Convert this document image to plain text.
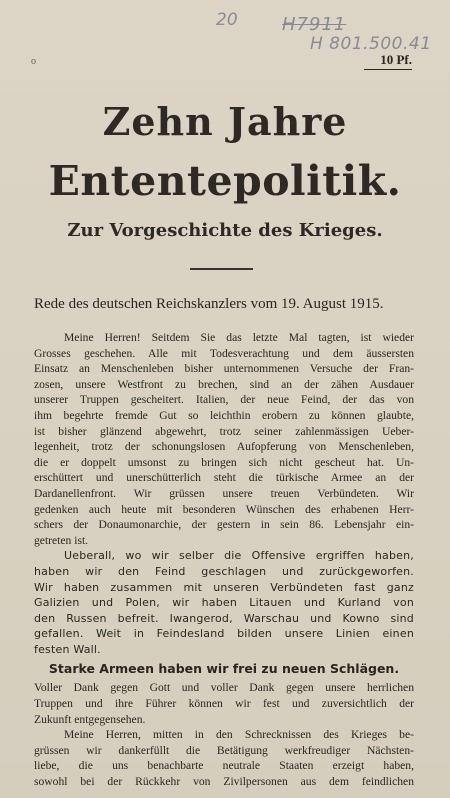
20 H7911
H 801.500.41
10 Pf.
o
Zehn Jahre
Ententepolitik.
Zur Vorgeschichte des Krieges.
Rede des deutschen Reichskanzlers vom 19. August 1915.
Meine Herren! Seitdem Sie das letzte Mal tagten, ist wieder
Grosses geschehen. Alle mit Todesverachtung und dem äussersten
Einsatz an Menschenleben bisher unternommenen Versuche der Fran-
zosen, unsere Westfront zu brechen, sind an der zähen Ausdauer
unserer Truppen gescheitert. Italien, der neue Feind, der das von
ihm begehrte fremde Gut so leichthin erobern zu können glaubte,
ist bisher glänzend abgewehrt, trotz seiner zahlenmässigen Ueber-
legenheit, trotz der schonungslosen Aufopferung von Menschenleben,
die er doppelt umsonst zu bringen sich nicht gescheut hat. Un-
erschüttert und unerschütterlich steht die türkische Armee an der
Dardanellenfront. Wir grüssen unsere treuen Verbündeten. Wir
gedenken auch heute mit besonderen Wünschen des erhabenen Herr-
schers der Donaumonarchie, der gestern in sein 86. Lebensjahr ein-
getreten ist.
Ueberall, wo wir selber die Offensive ergriffen haben,
haben wir den Feind geschlagen und zurückgeworfen.
Wir haben zusammen mit unseren Verbündeten fast ganz
Galizien und Polen, wir haben Litauen und Kurland von
den Russen befreit. Iwangerod, Warschau und Kowno sind
gefallen. Weit in Feindesland bilden unsere Linien einen
festen Wall.
Starke Armeen haben wir frei zu neuen Schlägen.
Voller Dank gegen Gott und voller Dank gegen unsere herrlichen
Truppen und ihre Führer können wir fest und zuversichtlich der
Zukunft entgegensehen.
Meine Herren, mitten in den Schrecknissen des Krieges be-
grüssen wir dankerfüllt die Betätigung werkfreudiger Nächsten-
liebe, die uns benachbarte neutrale Staaten erzeigt haben,
sowohl bei der Rückkehr von Zivilpersonen aus dem feindlichen
